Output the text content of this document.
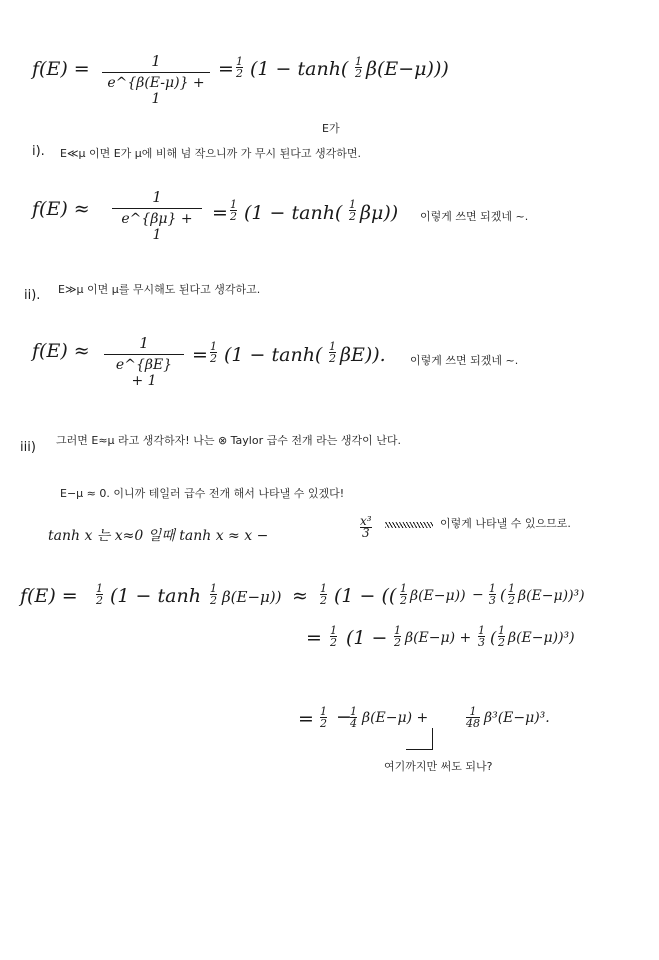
f(E) =	1
e^{β(E-μ)} + 1
= $\frac{1}{2} (1 - \tanh( \frac{1}{2} \beta(E-\mu)))$
E가
i). E≪μ 이면 E가 μ에 비해 넘 작으니까 가 무시 된다고 생각하면.
f(E) ≈
1
e^{βμ} + 1
= $\frac{1}{2} (1 - \tanh( \frac{1}{2} \beta\mu))$ 이렇게 쓰면 되겠네 ~.
ii). E≫μ 이면 μ를 무시해도 된다고 생각하고.
f(E) ≈	1
e^{βE} + 1
= $\frac{1}{2} (1 - \tanh( \frac{1}{2} \beta E))$. 이렇게 쓰면 되겠네 ~.
iii) 그러면 E≈μ 라고 생각하자! 나는 ⊗ Taylor 급수 전개 라는 생각이 난다.
E−μ ≈ 0. 이니까 테일러 급수 전개 해서 나타낼 수 있겠다!
tanh x 는 x≈0 일때 tanh x ≈ x −	$\frac{\text{x³}}{3}$	이렇게 나타낼 수 있으므로.
$f(E) = \frac{1}{2} (1 - \tanh \frac{1}{2} \beta(E-\mu)) \approx \frac{1}{2} (1$ − (( $\frac{1}{2} \beta(E-\mu)) - \frac{1}{3}$ ( $\frac{1}{2} \beta(E-\mu))^3$)
= $\frac{1}{2} (1 - \frac{1}{2} \beta(E-\mu) + \frac{1}{3}$ ( $\frac{1}{2} \beta(E-\mu))^3$)
= $\frac{1}{2}$ −
$\frac{1}{4} \beta(E-\mu)$ +	$\frac{1}{48} \beta^3(E-\mu)^3$.
여기까지만 써도 되나?
